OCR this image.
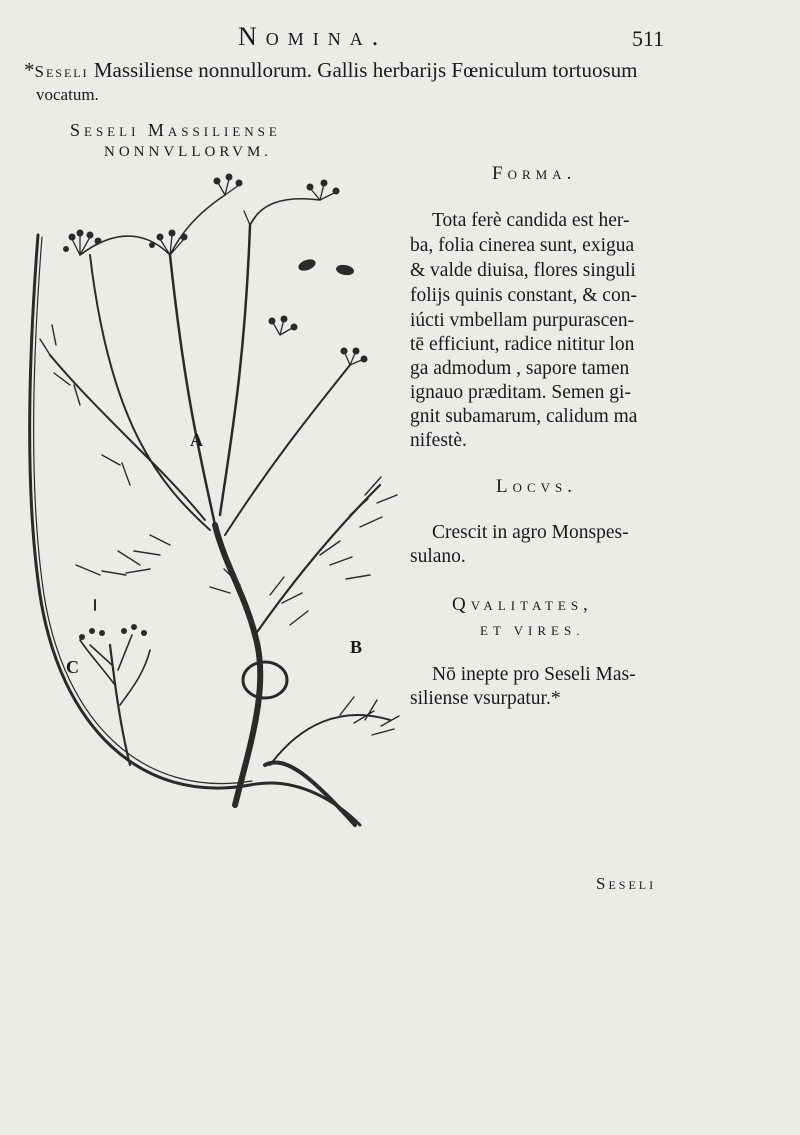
Nomina.	511
*Seseli Massiliense nonnullorum. Gallis herbarijs Fœniculum tortuosum
vocatum.
Seseli Massiliense
NONNVLLORVM.
A
B
C
Forma.
Tota ferè candida est her-
ba, folia cinerea sunt, exigua
& valde diuisa, flores singuli
folijs quinis constant, & con-
iúcti vmbellam purpurascen-
tē efficiunt, radice nititur lon
ga admodum , sapore tamen
ignauo præditam. Semen gi-
gnit subamarum, calidum ma
nifestè.
Locvs.
Crescit in agro Monspes-
sulano.
Qvalitates,
ET VIRES.
Nō inepte pro Seseli Mas-
siliense vsurpatur.*
Seseli
